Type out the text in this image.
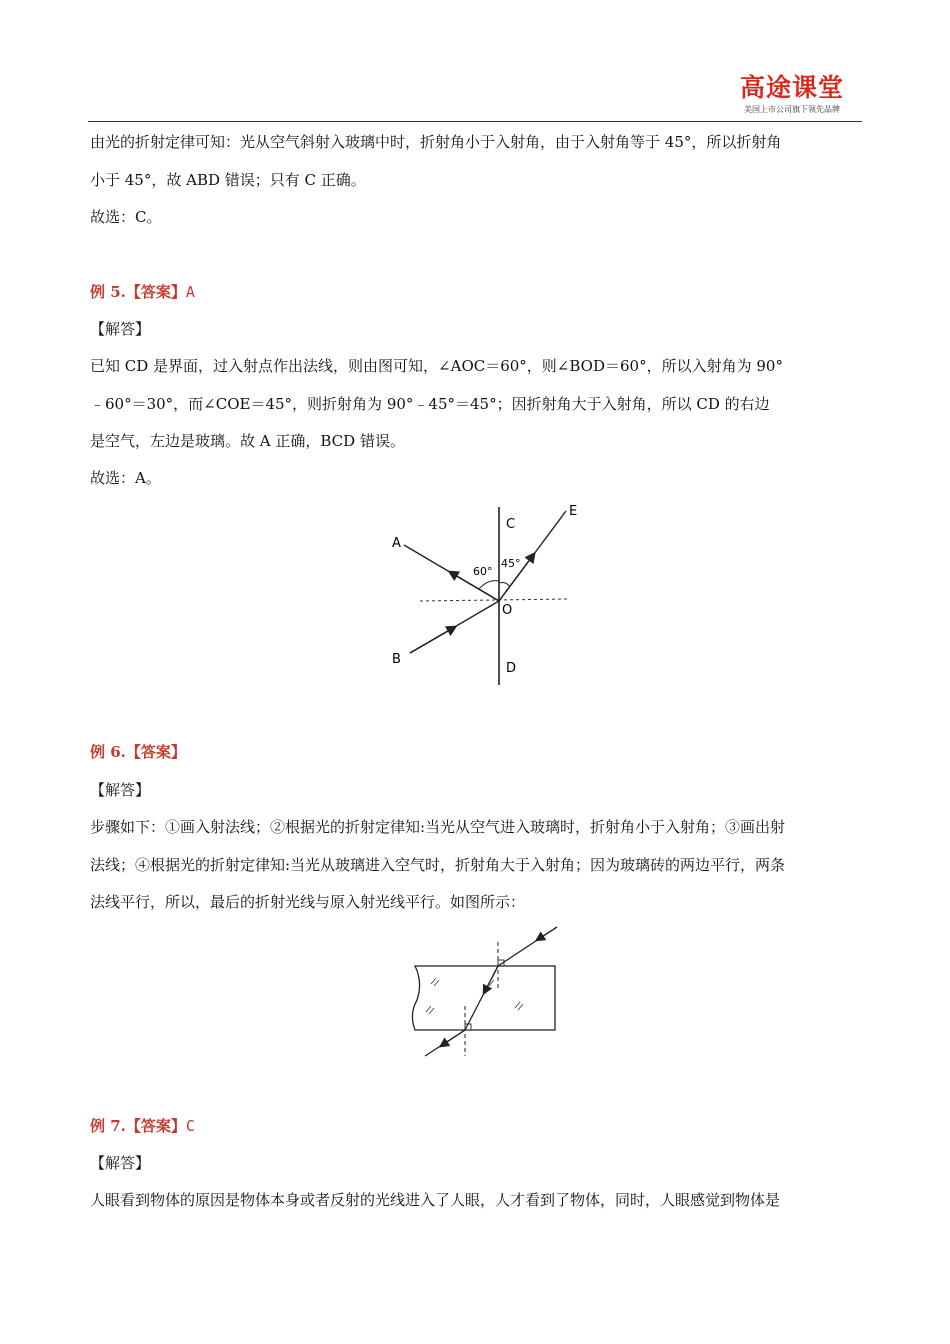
高途课堂
美国上市公司旗下领先品牌
由光的折射定律可知：光从空气斜射入玻璃中时，折射角小于入射角，由于入射角等于 45°，所以折射角
小于 45°，故 ABD 错误；只有 C 正确。
故选：C。
例 5.【答案】A
【解答】
已知 CD 是界面，过入射点作出法线，则由图可知，∠AOC＝60°，则∠BOD＝60°，所以入射角为 90°
﹣60°＝30°，而∠COE＝45°，则折射角为 90°﹣45°＝45°；因折射角大于入射角，所以 CD 的右边
是空气，左边是玻璃。故 A 正确，BCD 错误。
故选：A。
A
B
C
D
E
O
60°
45°
例 6.【答案】
【解答】
步骤如下：①画入射法线；②根据光的折射定律知:当光从空气进入玻璃时，折射角小于入射角；③画出射
法线；④根据光的折射定律知:当光从玻璃进入空气时，折射角大于入射角；因为玻璃砖的两边平行，两条
法线平行，所以，最后的折射光线与原入射光线平行。如图所示：
例 7.【答案】C
【解答】
人眼看到物体的原因是物体本身或者反射的光线进入了人眼，人才看到了物体，同时，人眼感觉到物体是
